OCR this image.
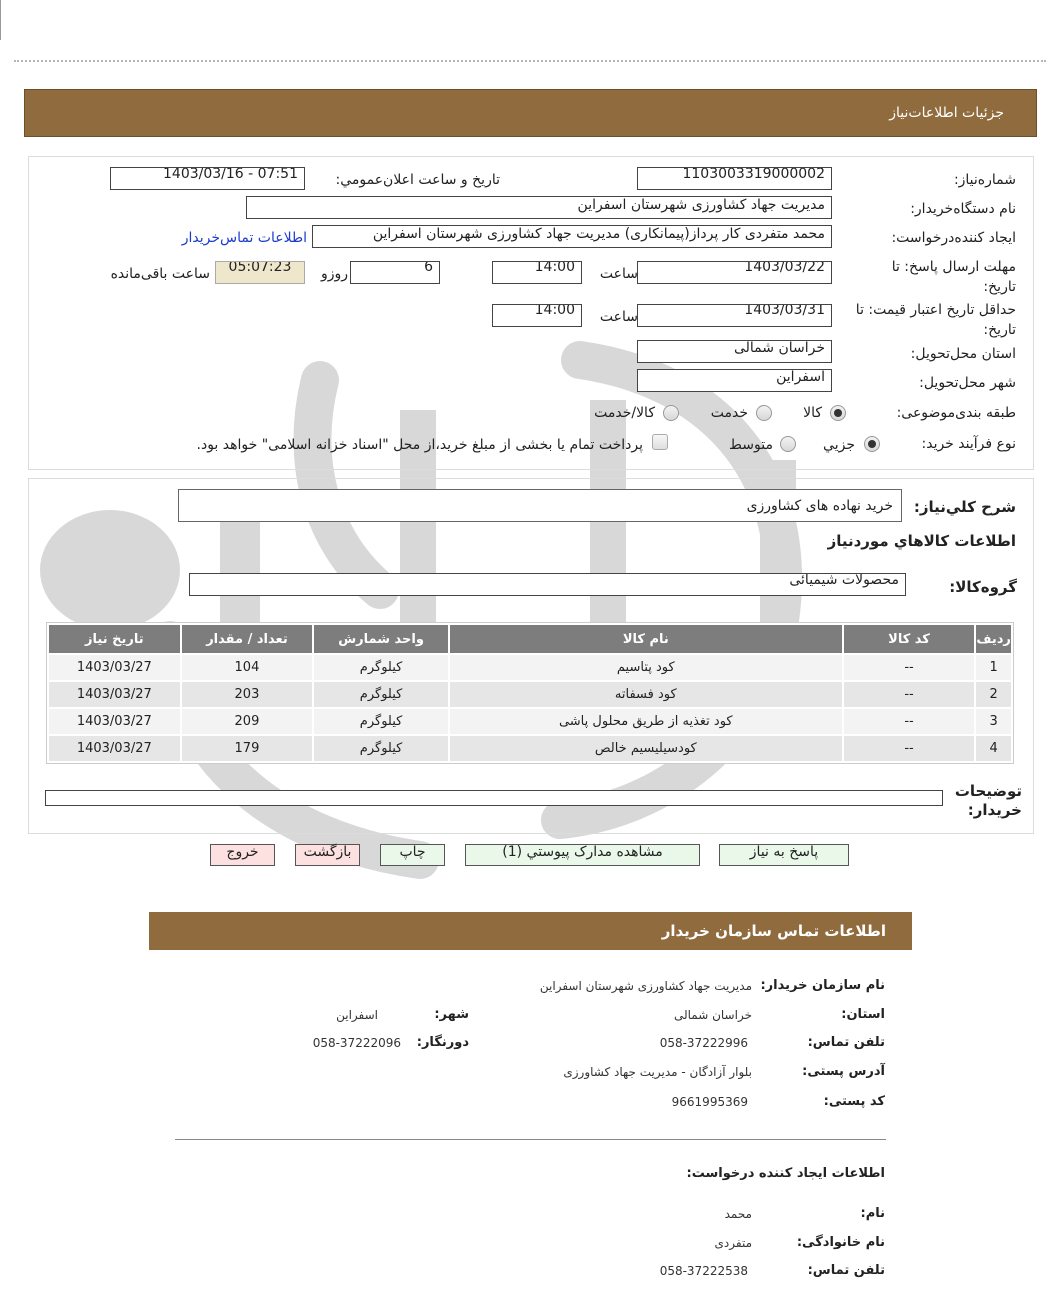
جزئیات اطلاعات‌نیاز
شماره‌نیاز:
1103003319000002
تاریخ و ساعت اعلان‌عمومي:
1403/03/16 - 07:51
نام دستگاه‌خريدار:
مدیریت جهاد کشاورزی شهرستان اسفراین
ایجاد کننده‌درخواست:
محمد متفردی کار پرداز(پیمانکاری) مدیریت جهاد کشاورزی شهرستان اسفراین
اطلاعات تماس‌خريدار
مهلت ارسال پاسخ: تا تاریخ:
1403/03/22
ساعت
14:00
6
روزو
05:07:23
ساعت باقی‌مانده
حداقل تاریخ اعتبار قیمت: تا تاریخ:
1403/03/31
ساعت
14:00
استان محل‌تحویل:
خراسان شمالی
شهر محل‌تحویل:
اسفراین
طبقه بندی‌موضوعی:
کالا
خدمت
کالا/خدمت
نوع فرآیند خرید:
جزيي
متوسط
پرداخت تمام یا بخشی از مبلغ خرید،از محل "اسناد خزانه اسلامی" خواهد بود.
شرح کلي‌نياز:
خرید نهاده های کشاورزی
اطلاعات کالاهاي موردنياز
گروه‌کالا:
محصولات شیمیائی
رديف	کد کالا	نام کالا	واحد شمارش	تعداد / مقدار	تاريخ نياز
1	--	کود پتاسیم	کیلوگرم	104	1403/03/27
2	--	کود فسفاته	کیلوگرم	203	1403/03/27
3	--	کود تغذیه از طریق محلول پاشی	کیلوگرم	209	1403/03/27
4	--	کودسیلیسیم خالص	کیلوگرم	179	1403/03/27
توضیحات خریدار:
پاسخ به نياز
مشاهده مدارک پيوستي (1)
چاپ
بازگشت
خروج
اطلاعات تماس سازمان خریدار
نام سازمان خریدار:
مدیریت جهاد کشاورزی شهرستان اسفراین
استان:
خراسان شمالی
شهر:
اسفراین
تلفن تماس:
058-37222996
دورنگار:
058-37222096
آدرس پستی:
بلوار آزادگان - مدیریت جهاد کشاورزی
کد پستی:
9661995369
اطلاعات ایجاد کننده درخواست:
نام:
محمد
نام خانوادگی:
متفردی
تلفن تماس:
058-37222538
